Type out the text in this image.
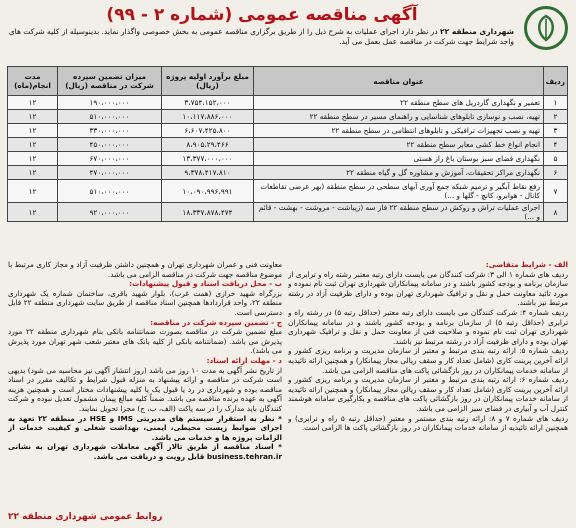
آگهی مناقصه عمومی (شماره ۲ - ۹۹)
شهرداری منطقه ۲۲ در نظر دارد اجرای عملیات به شرح ذیل را از طریق برگزاری مناقصه عمومی به بخش خصوصی واگذار نماید. بدینوسیله از کلیه شرکت های واجد شرایط جهت شرکت در مناقصه عمل بعمل می آید.
ردیف	عنوان مناقصه	مبلغ برآورد اولیه پروژه (ریال)	میزان تضمین سپرده شرکت در مناقصه (ریال)	مدت انجام(ماه)
۱	تعمیر و نگهداری گاردریل های سطح منطقه ۲۲	۳،۷۵۴،۱۵۲،۰۰۰	۱۹۰،۰۰۰،۰۰۰	۱۲
۲	تهیه، نصب و نوسازی تابلوهای شناسایی و راهنمای مسیر در سطح منطقه ۲۲	۱۰،۱۱۷،۸۸۶،۰۰۰	۵۱۰،۰۰۰،۰۰۰	۱۲
۳	تهیه و نصب تجهیزات ترافیکی و تابلوهای انتظامی در سطح منطقه ۲۲	۶،۶۰۷،۴۲۵،۸۰۰	۳۳۰،۰۰۰،۰۰۰	۱۲
۴	انجام انواع خط کشی معابر سطح منطقه ۲۲	۸،۹۰۵،۲۹،۴۶۶	۴۵۰،۰۰۰،۰۰۰	۱۲
۵	نگهداری فضای سبز بوستان باغ راز هستی	۱۳،۳۷۷،۰۰۰،۰۰۰	۶۷۰،۰۰۰،۰۰۰	۱۲
۶	نگهداری مراکز تحقیقات، آموزش و مشاوره گل و گیاه منطقه ۲۲	۹،۳۷۸،۴۱۷،۸۱۰	۴۷۰،۰۰۰،۰۰۰	۱۲
۷	رفع نقاط آبگیر و ترمیم شبکه جمع آوری آبهای سطحی در سطح منطقه (بهر عرضی تقاطعات کانال - هوابرو، کانچ - گلها و ...)	۱۰،۰۹۰،۹۹۶،۹۹۱	۵۱۰،۰۰۰،۰۰۰	۱۲
۸	اجرای عملیات تراش و روکش در سطح منطقه ۲۲ فاز سه (زیباشت - مروشت - بهشت - قائم و ...)	۱۸،۳۳۷،۸۷۸،۴۷۴	۹۲۰،۰۰۰،۰۰۰	۱۲
الف - شرایط متقاضی:
ردیف های شماره ۱ الی ۳: شرکت کنندگان می بایست دارای رتبه معتبر رشته راه و ترابری از سازمان برنامه و بودجه کشور باشند و در سامانه پیمانکاران شهرداری تهران ثبت نام نموده و مورد تائید معاونت حمل و نقل و ترافیک شهرداری تهران بوده و دارای ظرفیت آزاد در رشته مرتبط نیز باشند.
ردیف شماره ۴: شرکت کنندگان می بایست دارای رتبه معتبر (حداقل رتبه ۵) در رشته راه و ترابری (حداقل رتبه ۵) از سازمان برنامه و بودجه کشور باشند و در سامانه پیمانکاران شهرداری تهران ثبت نام نموده و صلاحیت فنی از معاونت حمل و نقل و ترافیک شهرداری تهران بوده و دارای ظرفیت آزاد در رشته مرتبط نیز باشند.
ردیف شماره ۵: ارائه رتبه بندی مرتبط و معتبر از سازمان مدیریت و برنامه ریزی کشور و ارائه آخرین پرینت کاری (شامل تعداد کار و سقف ریالی مجاز پیمانکار) و همچنین ارائه تائیدیه از سامانه خدمات پیمانکاران در روز بازگشائی پاکت های مناقصه الزامی می باشد.
ردیف شماره ۶: ارائه رتبه بندی مرتبط و معتبر از سازمان مدیریت و برنامه ریزی کشور و ارائه آخرین پرینت کاری (شامل تعداد کار و سقف ریالی مجاز پیمانکار) و همچنین ارائه تائیدیه از سامانه خدمات پیمانکاران در روز بازگشائی پاکت های مناقصه و بکارگیری سامانه هوشمند کنترل آب و آبیاری در فضای سبز الزامی می باشد.
ردیف های شماره ۷ و ۸: ارائه رتبه بندی مستمر و معتبر (حداقل رتبه ۵ راه و ترابری) و همچنین ارائه تائیدیه از سامانه خدمات پیمانکاران در روز بازگشائی پاکت ها الزامی است.
معاونت فنی و عمران شهرداری تهران و همچنین داشتن ظرفیت آزاد و مجاز کاری مرتبط با موضوع مناقصه جهت شرکت در مناقصه الزامی می باشد.
ب - محل دریافت اسناد و قبول پیشنهادات:
بزرگراه شهید خرازی (همت غرب)، بلوار شهید باقری، ساختمان شماره یک شهرداری منطقه ۲۲، واحد قراردادها همچنین اسناد مناقصه از طریق سایت شهرداری منطقه ۲۲ قابل دسترسی است.
ج - تضمین سپرده شرکت در مناقصه:
مبلغ تضمین شرکت در مناقصه بصورت ضمانتنامه بانکی بنام شهرداری منطقه ۲۲ مورد پذیرش می باشد. (ضمانتنامه بانکی از کلیه بانک های معتبر شعب شهر تهران مورد پذیرش می باشد).
د - مهلت ارائه اسناد:
از تاریخ نشر آگهی به مدت ۱۰ روز می باشد (روز انتشار آگهی نیز محاسبه می شود) بدیهی است شرکت در مناقصه و ارائه پیشنهاد به منزله قبول شرایط و تکالیف مقرر در اسناد مناقصه بوده و شهرداری در رد یا قبول یک یا کلیه پیشنهادات مختار است و همچنین هزینه آگهی به عهده برنده مناقصه می باشد. ضمناً کلیه مبالغ پیمان مشمول تعدیل نبوده و شرکت کنندگان باید مدارک را در سه پاکت (الف، ب، ج) مجزا تحویل نمایند.
* نظر به استقرار سیستم های مدیریتی IMS و HSE در منطقه ۲۲ تعهد به اجرای ضوابط زیست محیطی، ایمنی، بهداشت شغلی و کیفیت خدمات از الزامات پروژه ها و خدمات می باشد.
* اسناد مناقصه از طریق تالار آگهی معاملات شهرداری تهران به نشانی business.tehran.ir قابل رویت و دریافت می باشد.
روابط عمومی شهرداری منطقه ۲۲
